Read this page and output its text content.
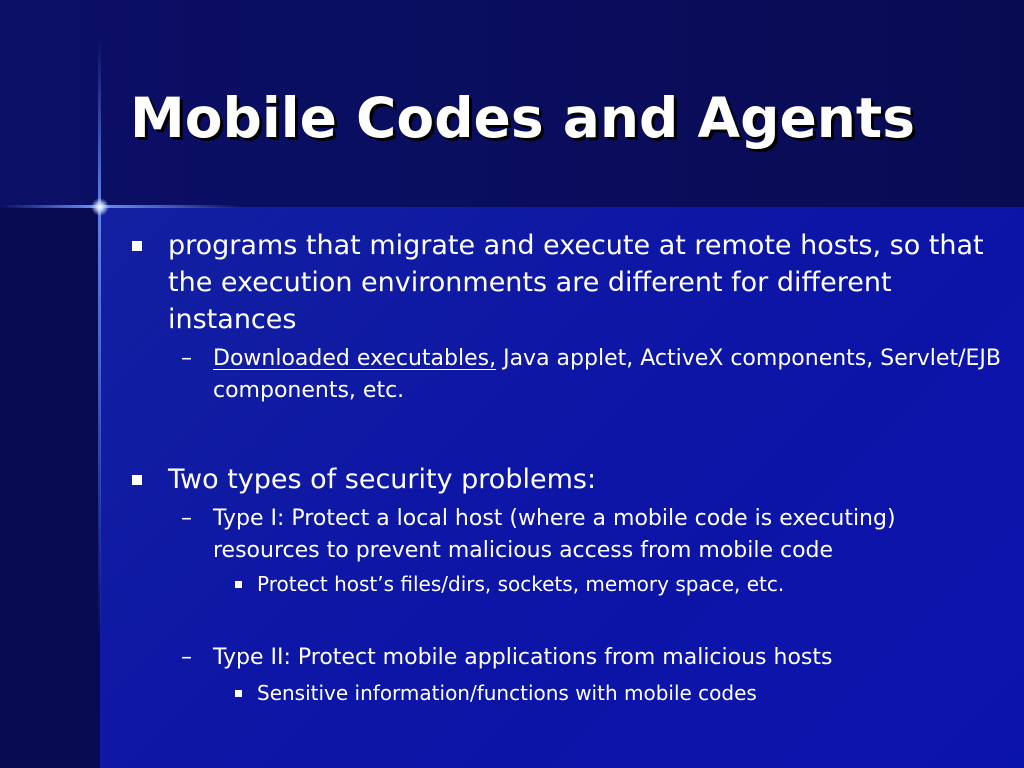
Mobile Codes and Agents
programs that migrate and execute at remote hosts, so that the execution environments are different for different instances
– Downloaded executables, Java applet, ActiveX components, Servlet/EJB components, etc.
Two types of security problems:
– Type I: Protect a local host (where a mobile code is executing) resources to prevent malicious access from mobile code
Protect host’s files/dirs, sockets, memory space, etc.
– Type II: Protect mobile applications from malicious hosts
Sensitive information/functions with mobile codes
